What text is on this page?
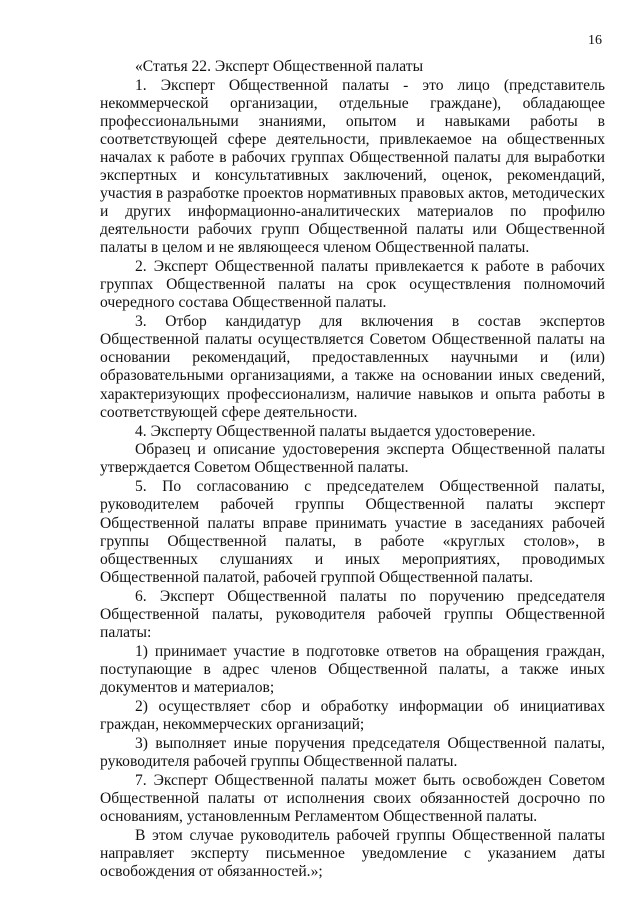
16

«Статья 22. Эксперт Общественной палаты

1. Эксперт Общественной палаты - это лицо (представитель некоммерческой организации, отдельные граждане), обладающее профессиональными знаниями, опытом и навыками работы в соответствующей сфере деятельности, привлекаемое на общественных началах к работе в рабочих группах Общественной палаты для выработки экспертных и консультативных заключений, оценок, рекомендаций, участия в разработке проектов нормативных правовых актов, методических и других информационно-аналитических материалов по профилю деятельности рабочих групп Общественной палаты или Общественной палаты в целом и не являющееся членом Общественной палаты.

2. Эксперт Общественной палаты привлекается к работе в рабочих группах Общественной палаты на срок осуществления полномочий очередного состава Общественной палаты.

3. Отбор кандидатур для включения в состав экспертов Общественной палаты осуществляется Советом Общественной палаты на основании рекомендаций, предоставленных научными и (или) образовательными организациями, а также на основании иных сведений, характеризующих профессионализм, наличие навыков и опыта работы в соответствующей сфере деятельности.

4. Эксперту Общественной палаты выдается удостоверение.

Образец и описание удостоверения эксперта Общественной палаты утверждается Советом Общественной палаты.

5. По согласованию с председателем Общественной палаты, руководителем рабочей группы Общественной палаты эксперт Общественной палаты вправе принимать участие в заседаниях рабочей группы Общественной палаты, в работе «круглых столов», в общественных слушаниях и иных мероприятиях, проводимых Общественной палатой, рабочей группой Общественной палаты.

6. Эксперт Общественной палаты по поручению председателя Общественной палаты, руководителя рабочей группы Общественной палаты:

1) принимает участие в подготовке ответов на обращения граждан, поступающие в адрес членов Общественной палаты, а также иных документов и материалов;

2) осуществляет сбор и обработку информации об инициативах граждан, некоммерческих организаций;

3) выполняет иные поручения председателя Общественной палаты, руководителя рабочей группы Общественной палаты.

7. Эксперт Общественной палаты может быть освобожден Советом Общественной палаты от исполнения своих обязанностей досрочно по основаниям, установленным Регламентом Общественной палаты.

В этом случае руководитель рабочей группы Общественной палаты направляет эксперту письменное уведомление с указанием даты освобождения от обязанностей.»;
